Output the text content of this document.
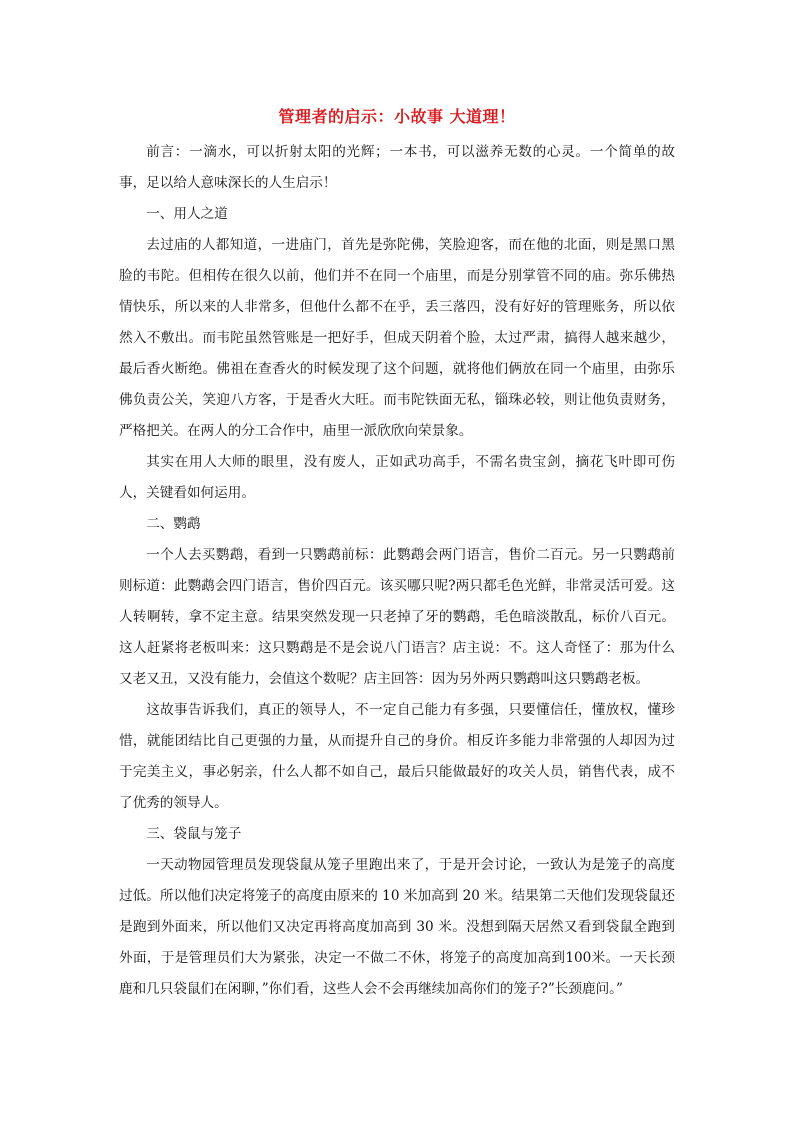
管理者的启示：小故事 大道理！

前言：一滴水，可以折射太阳的光辉；一本书，可以滋养无数的心灵。一个简单的故事，足以给人意味深长的人生启示！

一、用人之道

去过庙的人都知道，一进庙门，首先是弥陀佛，笑脸迎客，而在他的北面，则是黑口黑脸的韦陀。但相传在很久以前，他们并不在同一个庙里，而是分别掌管不同的庙。弥乐佛热情快乐，所以来的人非常多，但他什么都不在乎，丢三落四，没有好好的管理账务，所以依然入不敷出。而韦陀虽然管账是一把好手，但成天阴着个脸，太过严肃，搞得人越来越少，最后香火断绝。佛祖在查香火的时候发现了这个问题，就将他们俩放在同一个庙里，由弥乐佛负责公关，笑迎八方客，于是香火大旺。而韦陀铁面无私，锱珠必较，则让他负责财务，严格把关。在两人的分工合作中，庙里一派欣欣向荣景象。

其实在用人大师的眼里，没有废人，正如武功高手，不需名贵宝剑，摘花飞叶即可伤人，关键看如何运用。

二、鹦鹉

一个人去买鹦鹉，看到一只鹦鹉前标：此鹦鹉会两门语言，售价二百元。另一只鹦鹉前则标道：此鹦鹉会四门语言，售价四百元。该买哪只呢?两只都毛色光鲜，非常灵活可爱。这人转啊转，拿不定主意。结果突然发现一只老掉了牙的鹦鹉，毛色暗淡散乱，标价八百元。这人赶紧将老板叫来：这只鹦鹉是不是会说八门语言？店主说：不。这人奇怪了：那为什么又老又丑，又没有能力，会值这个数呢？店主回答：因为另外两只鹦鹉叫这只鹦鹉老板。

这故事告诉我们，真正的领导人，不一定自己能力有多强，只要懂信任，懂放权，懂珍惜，就能团结比自己更强的力量，从而提升自己的身价。相反许多能力非常强的人却因为过于完美主义，事必躬亲，什么人都不如自己，最后只能做最好的攻关人员，销售代表，成不了优秀的领导人。

三、袋鼠与笼子

一天动物园管理员发现袋鼠从笼子里跑出来了，于是开会讨论，一致认为是笼子的高度过低。所以他们决定将笼子的高度由原来的 10 米加高到 20 米。结果第二天他们发现袋鼠还是跑到外面来，所以他们又决定再将高度加高到 30 米。没想到隔天居然又看到袋鼠全跑到外面，于是管理员们大为紧张，决定一不做二不休，将笼子的高度加高到100米。一天长颈鹿和几只袋鼠们在闲聊，”你们看，这些人会不会再继续加高你们的笼子?”长颈鹿问。”
